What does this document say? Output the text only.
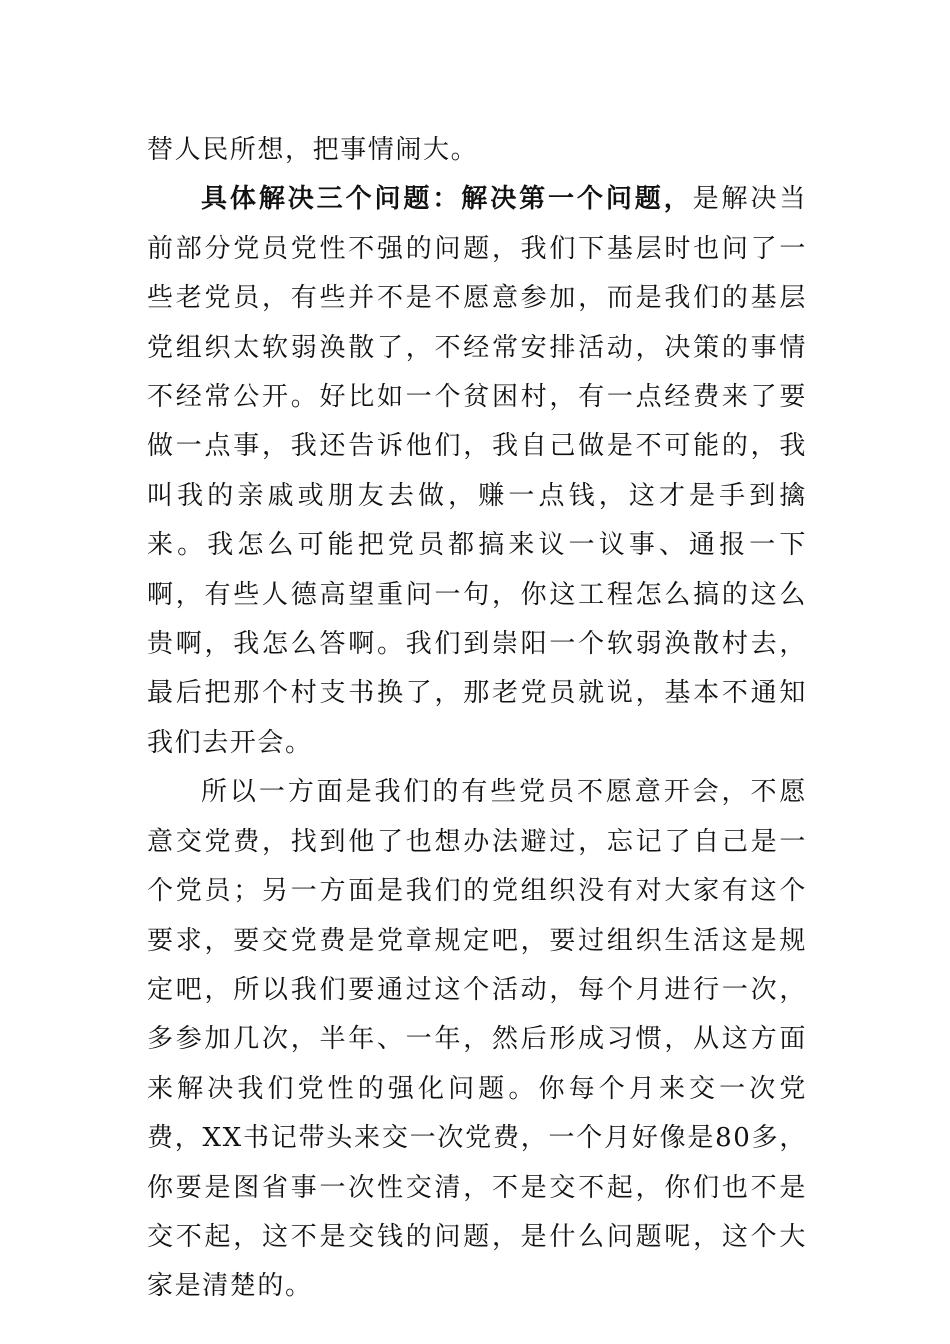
替人民所想，把事情闹大。

具体解决三个问题：解决第一个问题，是解决当前部分党员党性不强的问题，我们下基层时也问了一些老党员，有些并不是不愿意参加，而是我们的基层党组织太软弱涣散了，不经常安排活动，决策的事情不经常公开。好比如一个贫困村，有一点经费来了要做一点事，我还告诉他们，我自己做是不可能的，我叫我的亲戚或朋友去做，赚一点钱，这才是手到擒来。我怎么可能把党员都搞来议一议事、通报一下啊，有些人德高望重问一句，你这工程怎么搞的这么贵啊，我怎么答啊。我们到崇阳一个软弱涣散村去，最后把那个村支书换了，那老党员就说，基本不通知我们去开会。

所以一方面是我们的有些党员不愿意开会，不愿意交党费，找到他了也想办法避过，忘记了自己是一个党员；另一方面是我们的党组织没有对大家有这个要求，要交党费是党章规定吧，要过组织生活这是规定吧，所以我们要通过这个活动，每个月进行一次，多参加几次，半年、一年，然后形成习惯，从这方面来解决我们党性的强化问题。你每个月来交一次党费，XX书记带头来交一次党费，一个月好像是80多，你要是图省事一次性交清，不是交不起，你们也不是交不起，这不是交钱的问题，是什么问题呢，这个大家是清楚的。
